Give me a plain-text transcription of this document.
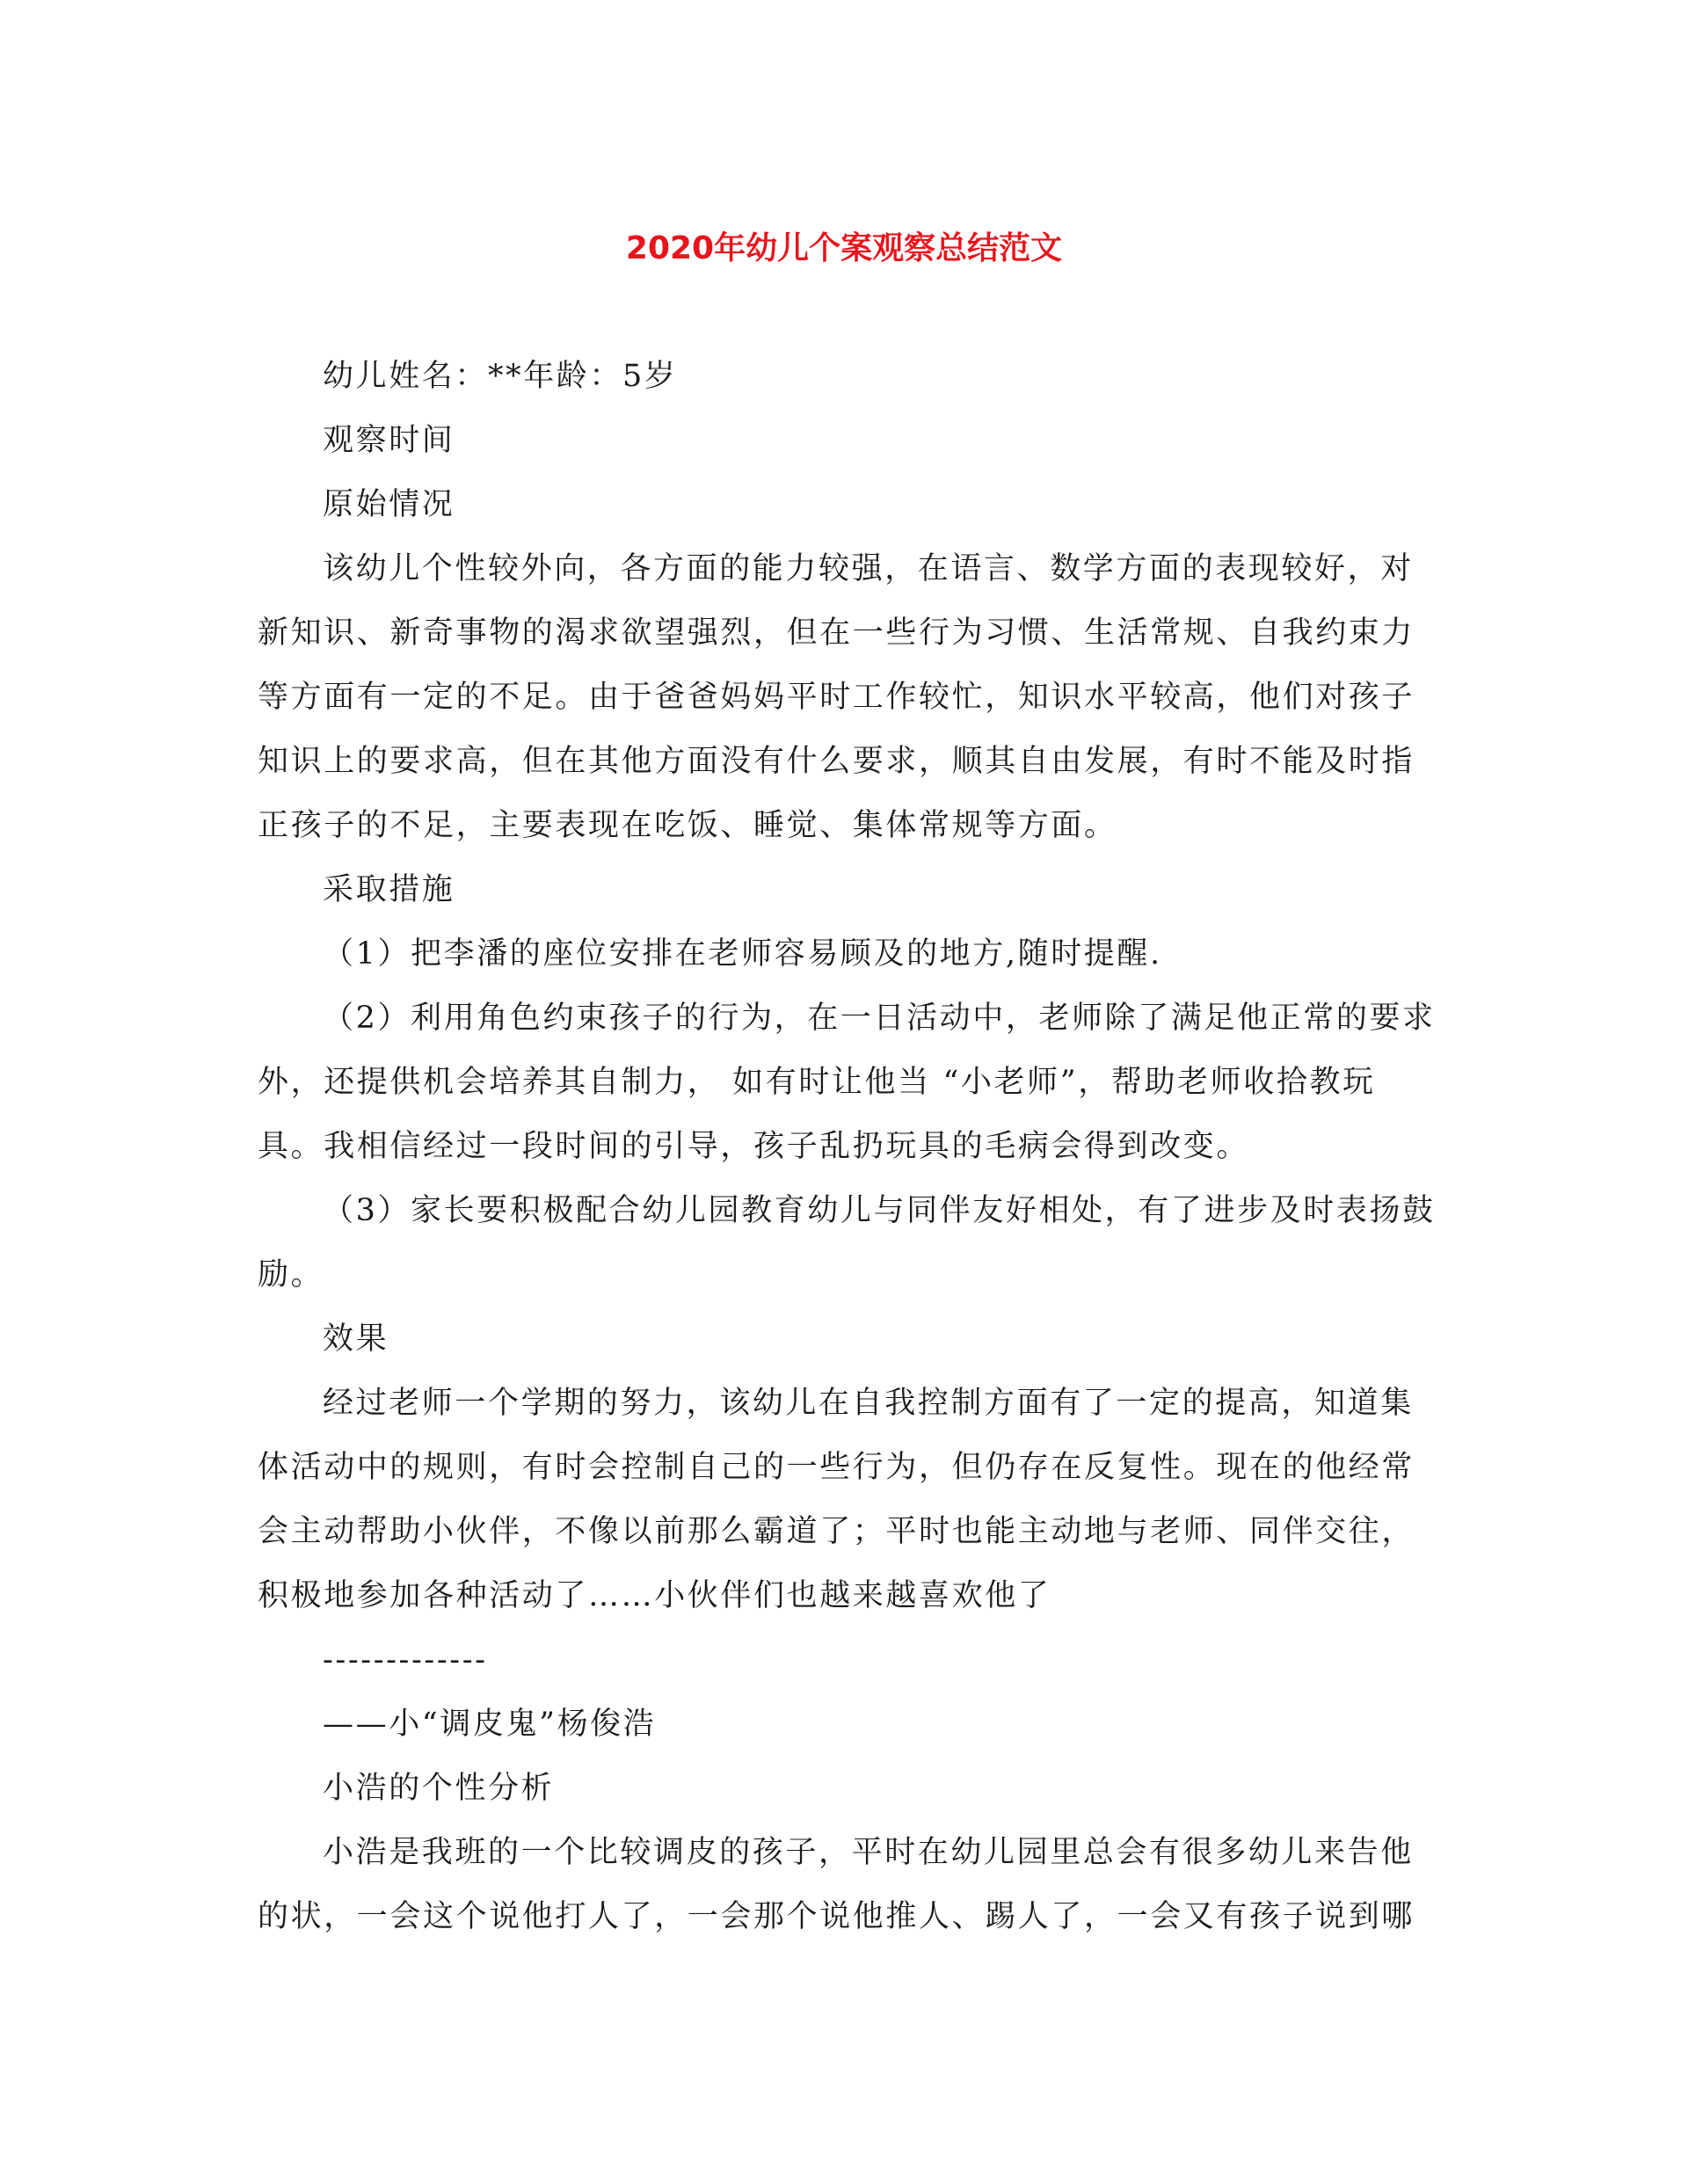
2020年幼儿个案观察总结范文
幼儿姓名：**年龄：5岁
观察时间
原始情况
该幼儿个性较外向，各方面的能力较强，在语言、数学方面的表现较好，对
新知识、新奇事物的渴求欲望强烈，但在一些行为习惯、生活常规、自我约束力
等方面有一定的不足。由于爸爸妈妈平时工作较忙，知识水平较高，他们对孩子
知识上的要求高，但在其他方面没有什么要求，顺其自由发展，有时不能及时指
正孩子的不足，主要表现在吃饭、睡觉、集体常规等方面。
采取措施
（1）把李潘的座位安排在老师容易顾及的地方,随时提醒.
（2）利用角色约束孩子的行为，在一日活动中，老师除了满足他正常的要求
外，还提供机会培养其自制力， 如有时让他当 “小老师”，帮助老师收拾教玩
具。我相信经过一段时间的引导，孩子乱扔玩具的毛病会得到改变。
（3）家长要积极配合幼儿园教育幼儿与同伴友好相处，有了进步及时表扬鼓
励。
效果
经过老师一个学期的努力，该幼儿在自我控制方面有了一定的提高，知道集
体活动中的规则，有时会控制自己的一些行为，但仍存在反复性。现在的他经常
会主动帮助小伙伴，不像以前那么霸道了；平时也能主动地与老师、同伴交往，
积极地参加各种活动了……小伙伴们也越来越喜欢他了
-------------
——小“调皮鬼”杨俊浩
小浩的个性分析
小浩是我班的一个比较调皮的孩子，平时在幼儿园里总会有很多幼儿来告他
的状，一会这个说他打人了，一会那个说他推人、踢人了，一会又有孩子说到哪
